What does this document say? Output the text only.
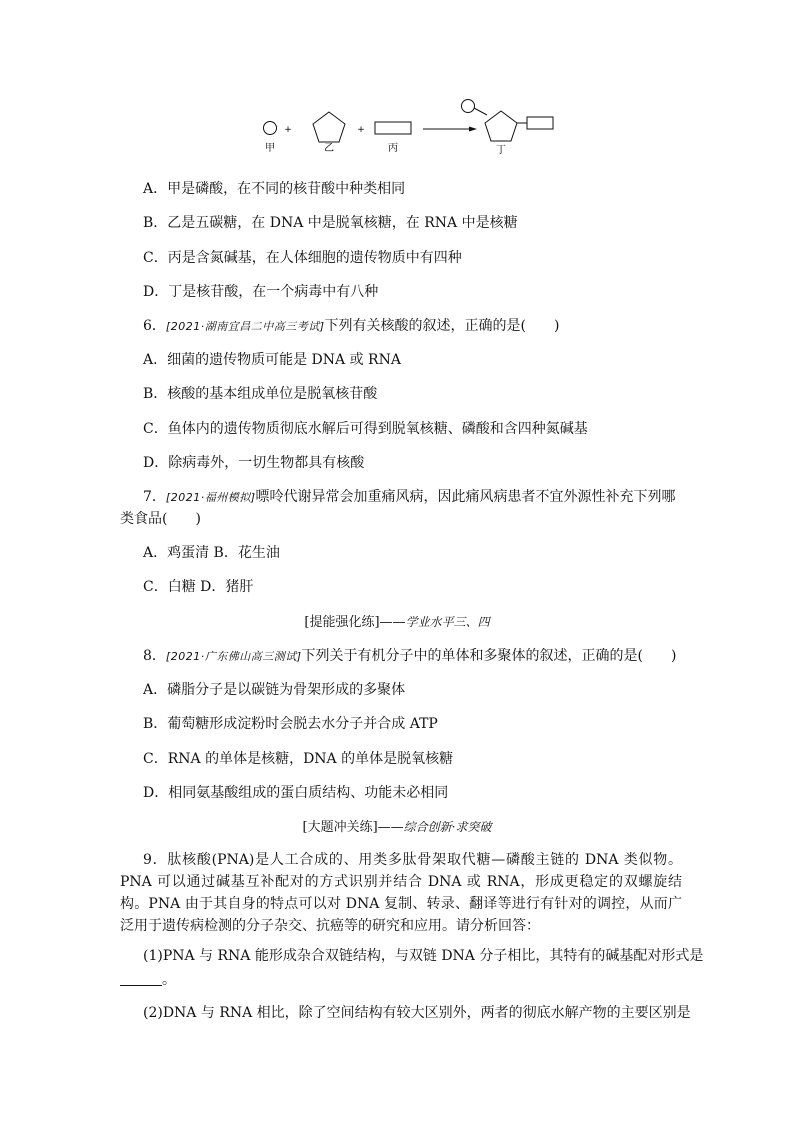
+	+
甲	乙	丙	丁
A．甲是磷酸，在不同的核苷酸中种类相同
B．乙是五碳糖，在 DNA 中是脱氧核糖，在 RNA 中是核糖
C．丙是含氮碱基，在人体细胞的遗传物质中有四种
D．丁是核苷酸，在一个病毒中有八种
6．[2021·湖南宜昌二中高三考试]下列有关核酸的叙述，正确的是(　　)
A．细菌的遗传物质可能是 DNA 或 RNA
B．核酸的基本组成单位是脱氧核苷酸
C．鱼体内的遗传物质彻底水解后可得到脱氧核糖、磷酸和含四种氮碱基
D．除病毒外，一切生物都具有核酸
7．[2021·福州模拟]嘌呤代谢异常会加重痛风病，因此痛风病患者不宜外源性补充下列哪
类食品(　　)
A．鸡蛋清 B．花生油
C．白糖 D．猪肝
[提能强化练]——学业水平三、四
8．[2021·广东佛山高三测试]下列关于有机分子中的单体和多聚体的叙述，正确的是(　　)
A．磷脂分子是以碳链为骨架形成的多聚体
B．葡萄糖形成淀粉时会脱去水分子并合成 ATP
C．RNA 的单体是核糖，DNA 的单体是脱氧核糖
D．相同氨基酸组成的蛋白质结构、功能未必相同
[大题冲关练]——综合创新·求突破
9．肽核酸(PNA)是人工合成的、用类多肽骨架取代糖—磷酸主链的 DNA 类似物。PNA 可以通过碱基互补配对的方式识别并结合 DNA 或 RNA，形成更稳定的双螺旋结构。PNA 由于其自身的特点可以对 DNA 复制、转录、翻译等进行有针对的调控，从而广泛用于遗传病检测的分子杂交、抗癌等的研究和应用。请分析回答：
(1)PNA 与 RNA 能形成杂合双链结构，与双链 DNA 分子相比，其特有的碱基配对形式是
。
(2)DNA 与 RNA 相比，除了空间结构有较大区别外，两者的彻底水解产物的主要区别是
